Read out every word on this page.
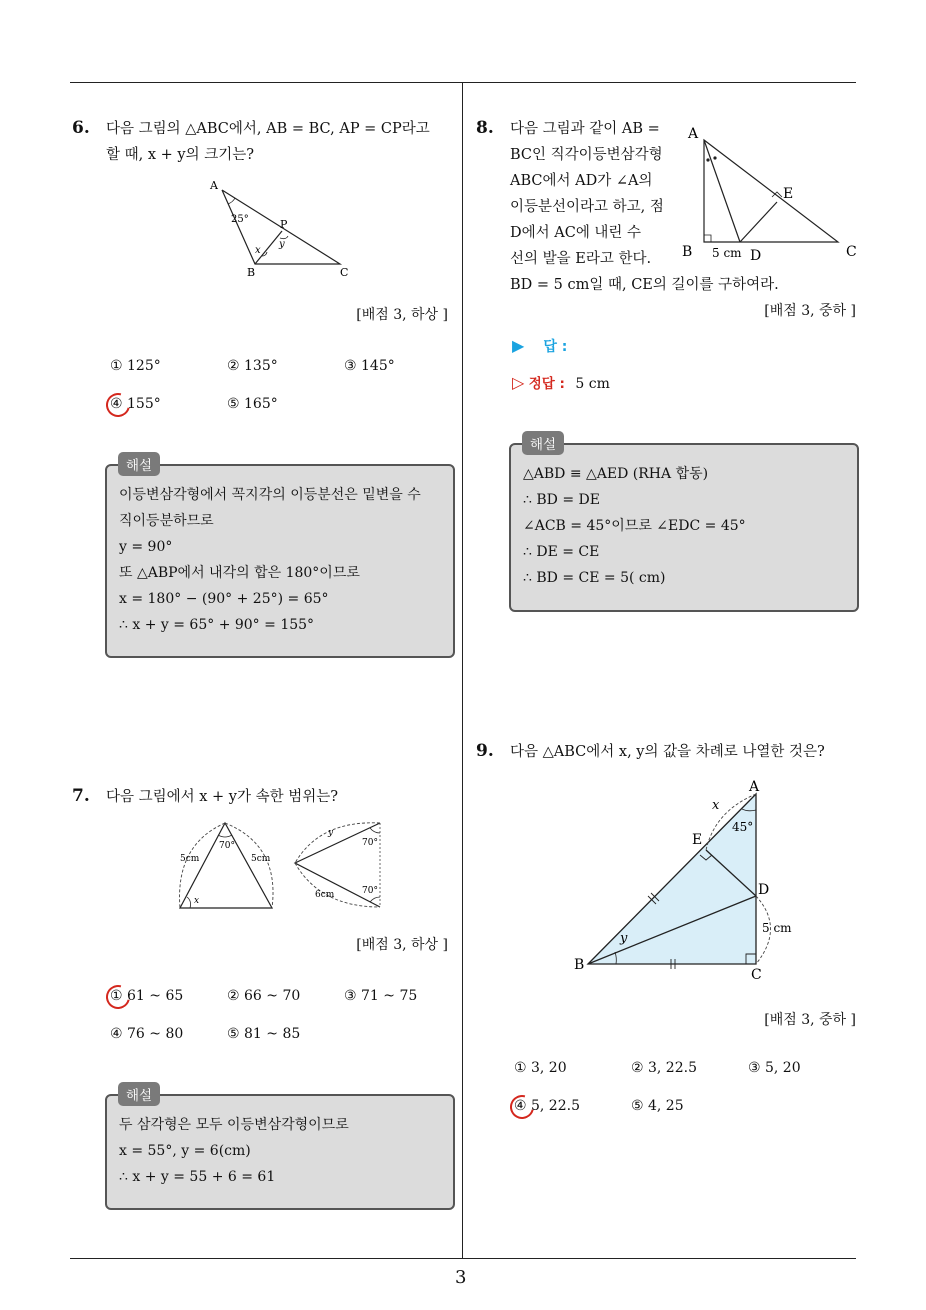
3
6. 다음 그림의 △ABC에서, AB = BC, AP = CP라고
할 때, x + y의 크기는?
A
P
B	C
25°
x
y
[배점 3, 하상 ]
① 125°	② 135°	③ 145°
④ 155°	⑤ 165°
이등변삼각형에서 꼭지각의 이등분선은 밑변을 수
직이등분하므로
y = 90°
또 △ABP에서 내각의 합은 180°이므로
x = 180° − (90° + 25°) = 65°
∴ x + y = 65° + 90° = 155°
해설
7. 다음 그림에서 x + y가 속한 범위는?
70°
5cm	5cm
x
y
70°
70°
6cm
[배점 3, 하상 ]
① 61 ~ 65	② 66 ~ 70	③ 71 ~ 75
④ 76 ~ 80	⑤ 81 ~ 85
두 삼각형은 모두 이등변삼각형이므로
x = 55°, y = 6(cm)
∴ x + y = 55 + 6 = 61
해설
8. 다음 그림과 같이 AB =
BC인 직각이등변삼각형
ABC에서 AD가 ∠A의
이등분선이라고 하고, 점
D에서 AC에 내린 수
선의 발을 E라고 한다.
BD = 5 cm일 때, CE의 길이를 구하여라.
A
E
B	D	C
5 cm
[배점 3, 중하 ]
▶ 답 :
▷ 정답 : 5 cm
△ABD ≡ △AED (RHA 합동)
∴ BD = DE
∠ACB = 45°이므로 ∠EDC = 45°
∴ DE = CE
∴ BD = CE = 5( cm)
해설
9. 다음 △ABC에서 x, y의 값을 차례로 나열한 것은?
A
E
D
B
C
x
45°
y
5 cm
[배점 3, 중하 ]
① 3, 20	② 3, 22.5	③ 5, 20
④ 5, 22.5	⑤ 4, 25
